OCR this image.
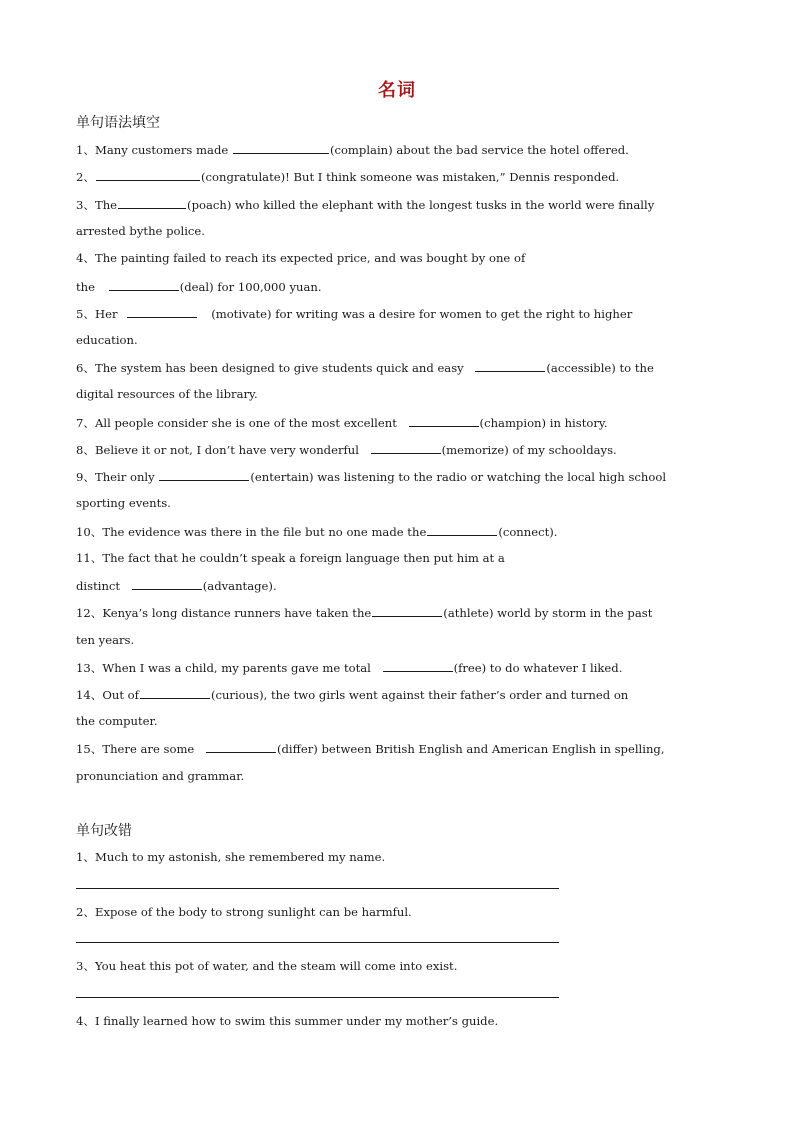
名词
单句语法填空
1、Many customers made	(complain) about the bad service the hotel offered.
2、	(congratulate)! But I think someone was mistaken,” Dennis responded.
3、The	(poach) who killed the elephant with the longest tusks in the world were finally
arrested bythe police.
4、The painting failed to reach its expected price, and was bought by one of
the	(deal) for 100,000 yuan.
5、Her	(motivate) for writing was a desire for women to get the right to higher
education.
6、The system has been designed to give students quick and easy	(accessible) to the
digital resources of the library.
7、All people consider she is one of the most excellent	(champion) in history.
8、Believe it or not, I don’t have very wonderful	(memorize) of my schooldays.
9、Their only	(entertain) was listening to the radio or watching the local high school
sporting events.
10、The evidence was there in the file but no one made the	(connect).
11、The fact that he couldn’t speak a foreign language then put him at a
distinct	(advantage).
12、Kenya’s long distance runners have taken the	(athlete) world by storm in the past
ten years.
13、When I was a child, my parents gave me total	(free) to do whatever I liked.
14、Out of	(curious), the two girls went against their father’s order and turned on
the computer.
15、There are some	(differ) between British English and American English in spelling,
pronunciation and grammar.
单句改错
1、Much to my astonish, she remembered my name.
2、Expose of the body to strong sunlight can be harmful.
3、You heat this pot of water, and the steam will come into exist.
4、I finally learned how to swim this summer under my mother’s guide.
